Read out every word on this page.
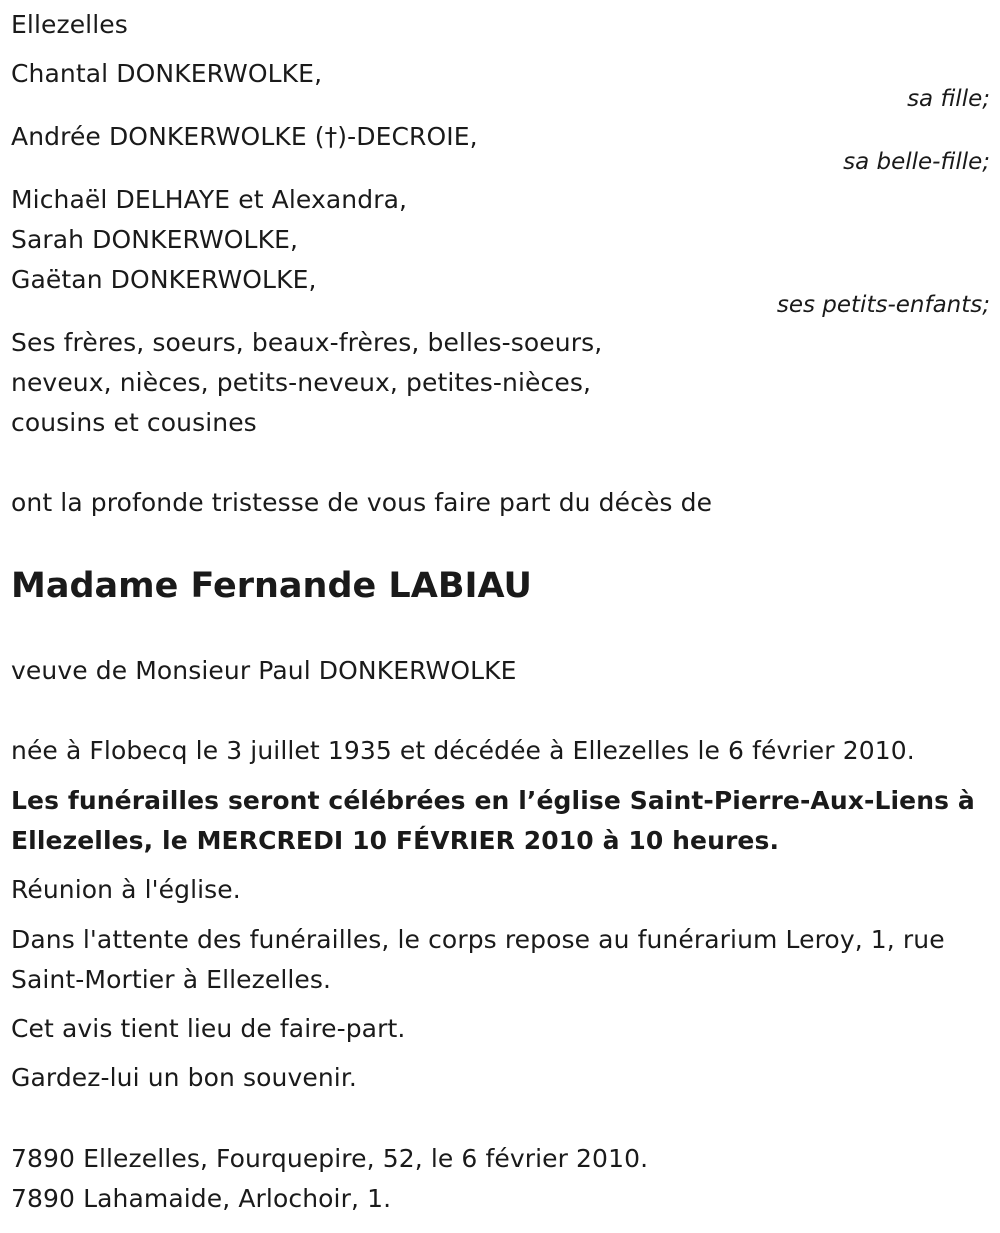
Ellezelles
Chantal DONKERWOLKE,
sa fille;
Andrée DONKERWOLKE (†)-DECROIE,
sa belle-fille;
Michaël DELHAYE et Alexandra,
Sarah DONKERWOLKE,
Gaëtan DONKERWOLKE,
ses petits-enfants;
Ses frères, soeurs, beaux-frères, belles-soeurs,
neveux, nièces, petits-neveux, petites-nièces,
cousins et cousines
ont la profonde tristesse de vous faire part du décès de
Madame Fernande LABIAU
veuve de Monsieur Paul DONKERWOLKE
née à Flobecq le 3 juillet 1935 et décédée à Ellezelles le 6 février 2010.
Les funérailles seront célébrées en l’église Saint-Pierre-Aux-Liens à
Ellezelles, le MERCREDI 10 FÉVRIER 2010 à 10 heures.
Réunion à l'église.
Dans l'attente des funérailles, le corps repose au funérarium Leroy, 1, rue
Saint-Mortier à Ellezelles.
Cet avis tient lieu de faire-part.
Gardez-lui un bon souvenir.
7890 Ellezelles, Fourquepire, 52, le 6 février 2010.
7890 Lahamaide, Arlochoir, 1.
